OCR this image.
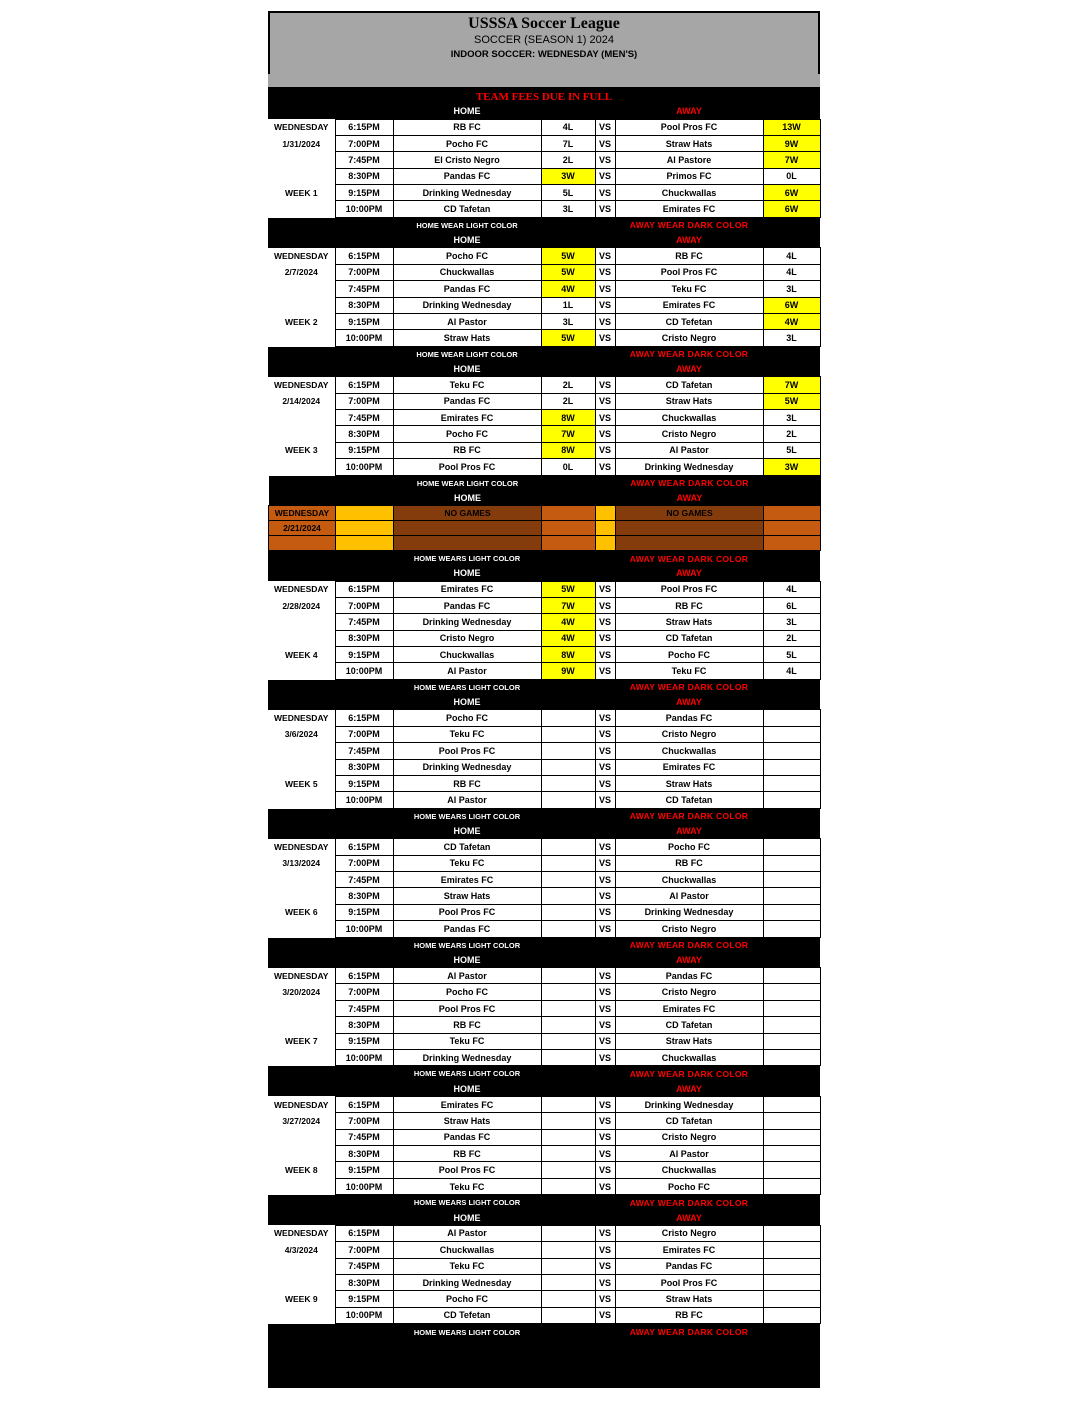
USSSA Soccer League
SOCCER (SEASON 1) 2024
INDOOR SOCCER: WEDNESDAY (MEN'S)
TEAM FEES DUE IN FULL
		HOME			AWAY	
WEDNESDAY	6:15PM	RB FC	4L	VS	Pool Pros FC	13W
1/31/2024	7:00PM	Pocho FC	7L	VS	Straw Hats	9W
	7:45PM	El Cristo Negro	2L	VS	Al Pastore	7W
	8:30PM	Pandas FC	3W	VS	Primos FC	0L
WEEK 1	9:15PM	Drinking Wednesday	5L	VS	Chuckwallas	6W
	10:00PM	CD Tafetan	3L	VS	Emirates FC	6W
		HOME WEAR LIGHT COLOR			AWAY WEAR DARK COLOR	
		HOME			AWAY	
WEDNESDAY	6:15PM	Pocho FC	5W	VS	RB FC	4L
2/7/2024	7:00PM	Chuckwallas	5W	VS	Pool Pros FC	4L
	7:45PM	Pandas FC	4W	VS	Teku FC	3L
	8:30PM	Drinking Wednesday	1L	VS	Emirates FC	6W
WEEK 2	9:15PM	Al Pastor	3L	VS	CD Tefetan	4W
	10:00PM	Straw Hats	5W	VS	Cristo Negro	3L
		HOME WEAR LIGHT COLOR			AWAY WEAR DARK COLOR	
		HOME			AWAY	
WEDNESDAY	6:15PM	Teku FC	2L	VS	CD Tafetan	7W
2/14/2024	7:00PM	Pandas FC	2L	VS	Straw Hats	5W
	7:45PM	Emirates FC	8W	VS	Chuckwallas	3L
	8:30PM	Pocho FC	7W	VS	Cristo Negro	2L
WEEK 3	9:15PM	RB FC	8W	VS	Al Pastor	5L
	10:00PM	Pool Pros FC	0L	VS	Drinking Wednesday	3W
		HOME WEAR LIGHT COLOR			AWAY WEAR DARK COLOR	
		HOME			AWAY	
WEDNESDAY		NO GAMES			NO GAMES	
2/21/2024						

		HOME WEARS LIGHT COLOR			AWAY WEAR DARK COLOR	
		HOME			AWAY	
WEDNESDAY	6:15PM	Emirates FC	5W	VS	Pool Pros FC	4L
2/28/2024	7:00PM	Pandas FC	7W	VS	RB FC	6L
	7:45PM	Drinking Wednesday	4W	VS	Straw Hats	3L
	8:30PM	Cristo Negro	4W	VS	CD Tafetan	2L
WEEK 4	9:15PM	Chuckwallas	8W	VS	Pocho FC	5L
	10:00PM	Al Pastor	9W	VS	Teku FC	4L
		HOME WEARS LIGHT COLOR			AWAY WEAR DARK COLOR	
		HOME			AWAY	
WEDNESDAY	6:15PM	Pocho FC		VS	Pandas FC	
3/6/2024	7:00PM	Teku FC		VS	Cristo Negro	
	7:45PM	Pool Pros FC		VS	Chuckwallas	
	8:30PM	Drinking Wednesday		VS	Emirates FC	
WEEK 5	9:15PM	RB FC		VS	Straw Hats	
	10:00PM	Al Pastor		VS	CD Tafetan	
		HOME WEARS LIGHT COLOR			AWAY WEAR DARK COLOR	
		HOME			AWAY	
WEDNESDAY	6:15PM	CD Tafetan		VS	Pocho FC	
3/13/2024	7:00PM	Teku FC		VS	RB FC	
	7:45PM	Emirates FC		VS	Chuckwallas	
	8:30PM	Straw Hats		VS	Al Pastor	
WEEK 6	9:15PM	Pool Pros FC		VS	Drinking Wednesday	
	10:00PM	Pandas FC		VS	Cristo Negro	
		HOME WEARS LIGHT COLOR			AWAY WEAR DARK COLOR	
		HOME			AWAY	
WEDNESDAY	6:15PM	Al Pastor		VS	Pandas FC	
3/20/2024	7:00PM	Pocho FC		VS	Cristo Negro	
	7:45PM	Pool Pros FC		VS	Emirates FC	
	8:30PM	RB FC		VS	CD Tafetan	
WEEK 7	9:15PM	Teku FC		VS	Straw Hats	
	10:00PM	Drinking Wednesday		VS	Chuckwallas	
		HOME WEARS LIGHT COLOR			AWAY WEAR DARK COLOR	
		HOME			AWAY	
WEDNESDAY	6:15PM	Emirates FC		VS	Drinking Wednesday	
3/27/2024	7:00PM	Straw Hats		VS	CD Tafetan	
	7:45PM	Pandas FC		VS	Cristo Negro	
	8:30PM	RB FC		VS	Al Pastor	
WEEK 8	9:15PM	Pool Pros FC		VS	Chuckwallas	
	10:00PM	Teku FC		VS	Pocho FC	
		HOME WEARS LIGHT COLOR			AWAY WEAR DARK COLOR	
		HOME			AWAY	
WEDNESDAY	6:15PM	Al Pastor		VS	Cristo Negro	
4/3/2024	7:00PM	Chuckwallas		VS	Emirates FC	
	7:45PM	Teku FC		VS	Pandas FC	
	8:30PM	Drinking Wednesday		VS	Pool Pros FC	
WEEK 9	9:15PM	Pocho FC		VS	Straw Hats	
	10:00PM	CD Tefetan		VS	RB FC	
		HOME WEARS LIGHT COLOR			AWAY WEAR DARK COLOR	
